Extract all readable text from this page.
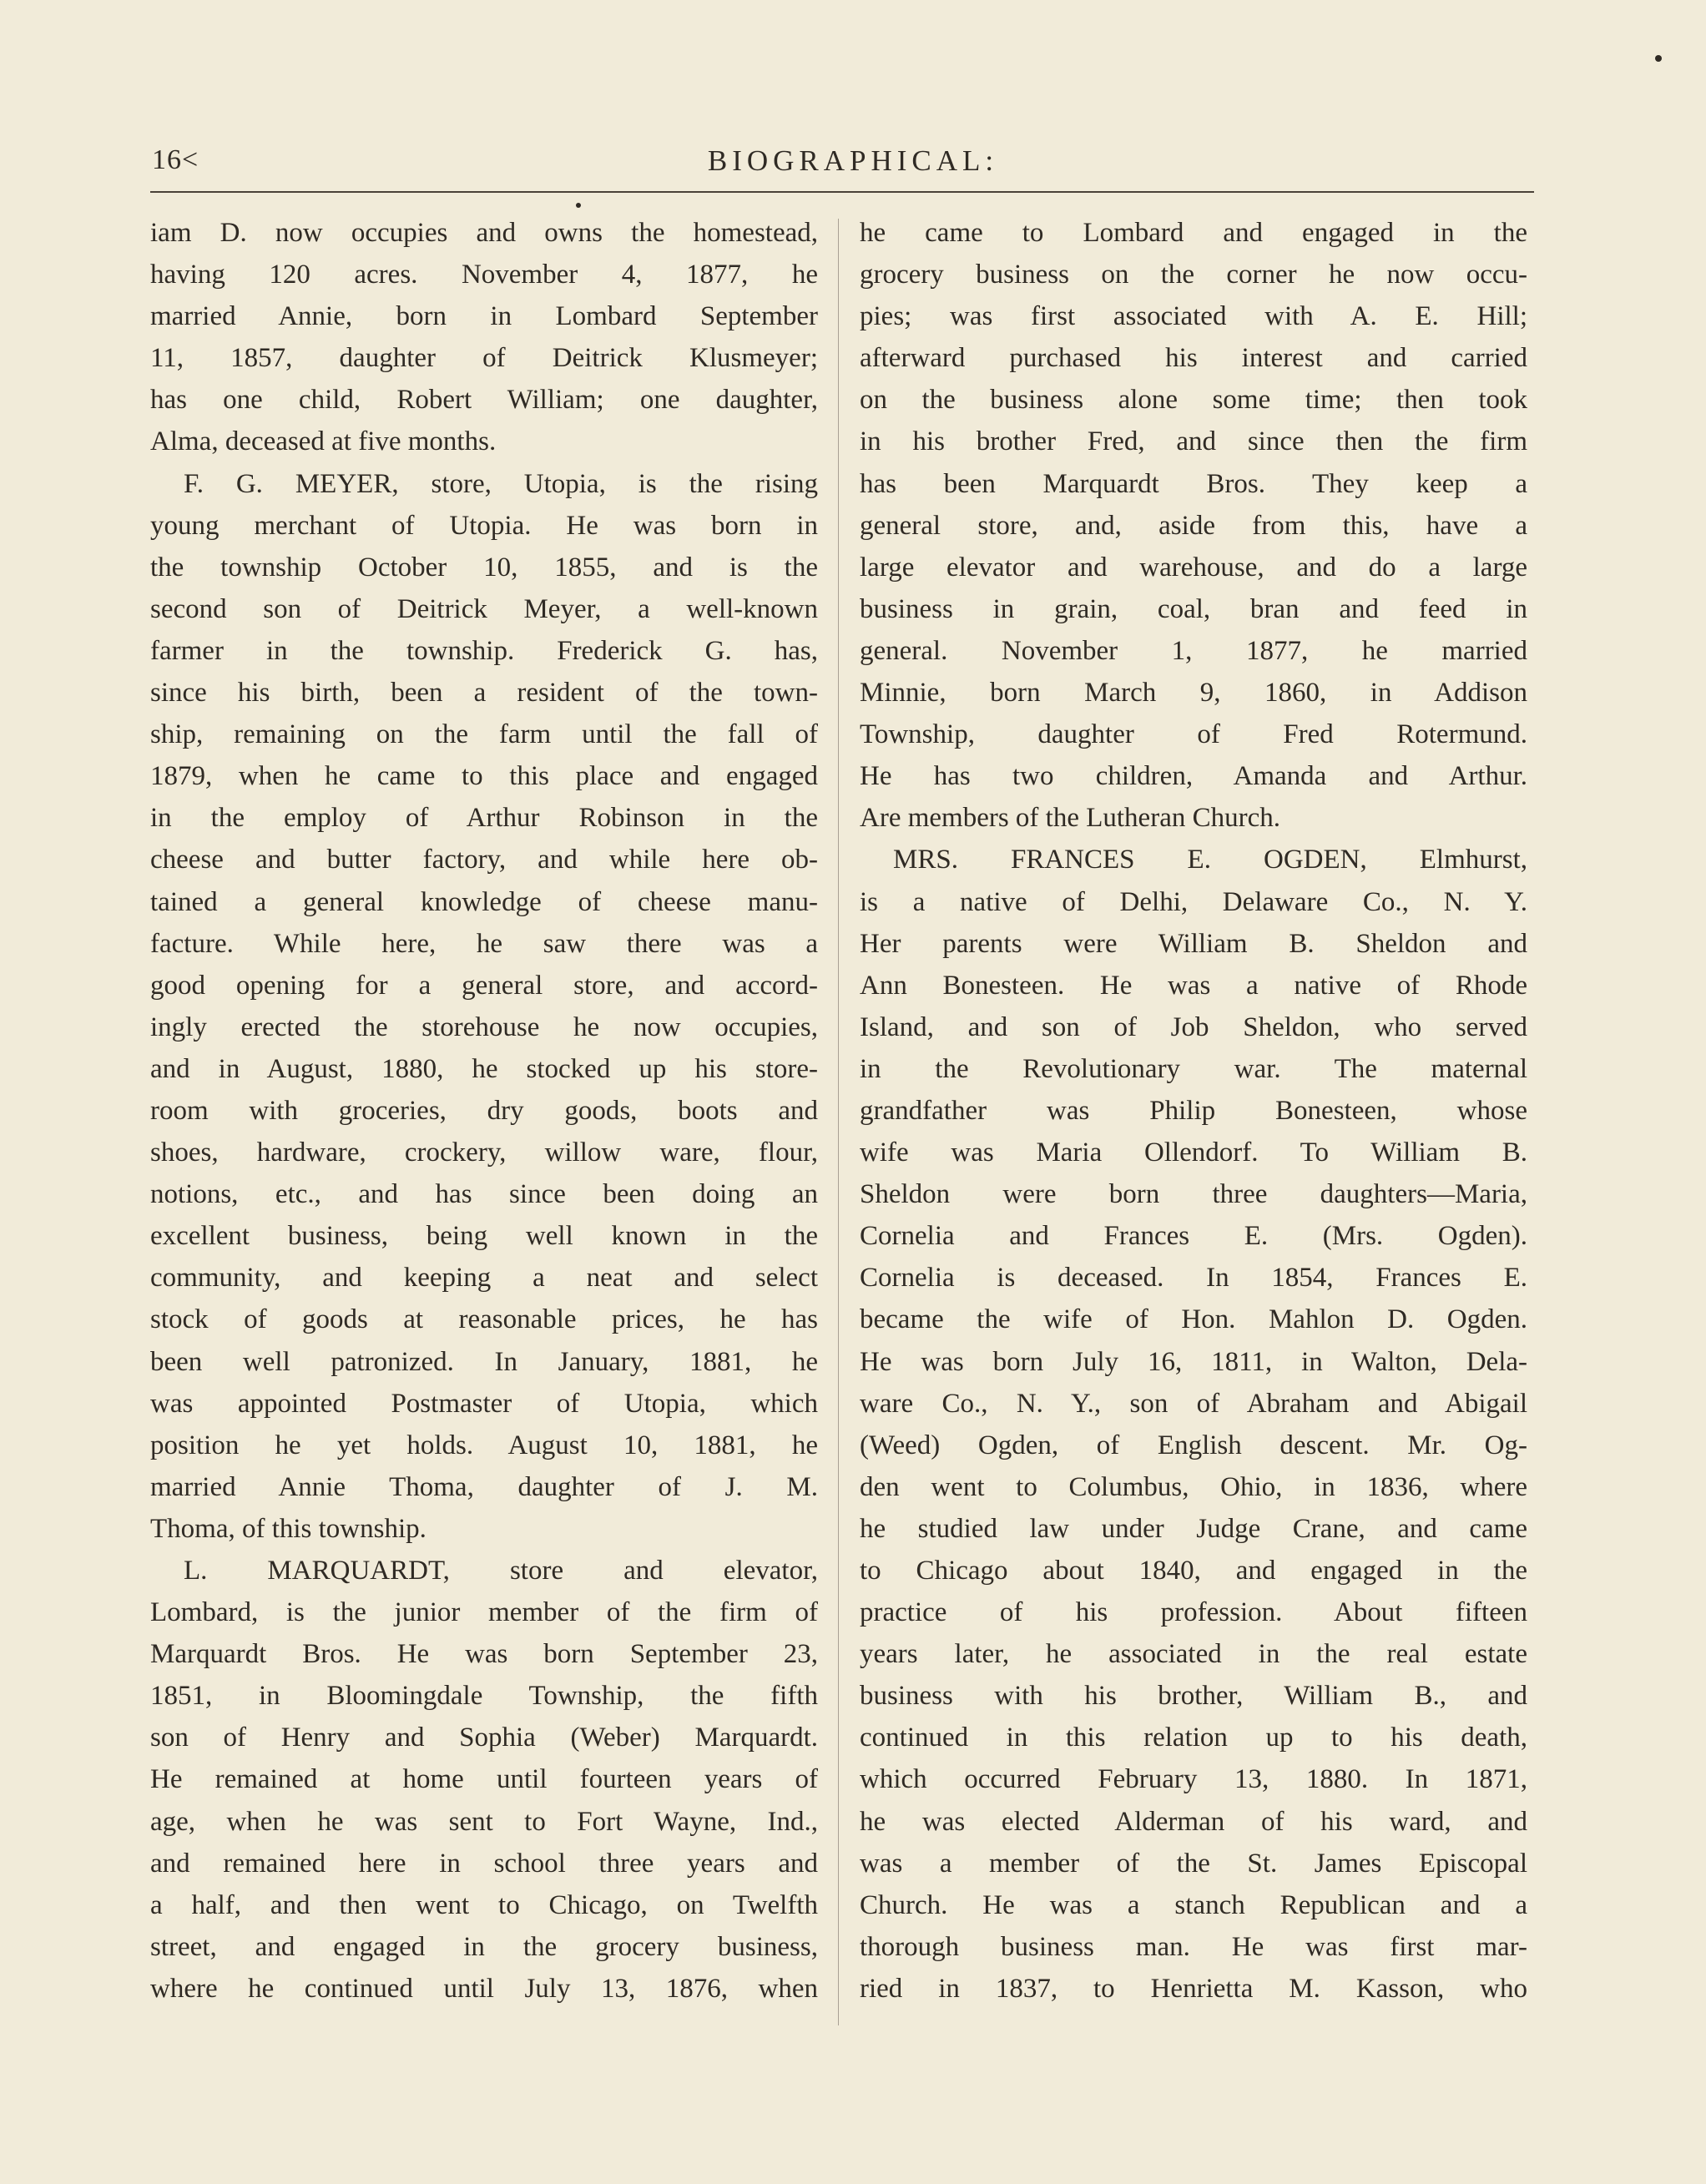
16˂	BIOGRAPHICAL:
iam D. now occupies and owns the homestead,
having 120 acres. November 4, 1877, he
married Annie, born in Lombard September
11, 1857, daughter of Deitrick Klusmeyer;
has one child, Robert William; one daughter,
Alma, deceased at five months.
F. G. MEYER, store, Utopia, is the rising
young merchant of Utopia. He was born in
the township October 10, 1855, and is the
second son of Deitrick Meyer, a well-known
farmer in the township. Frederick G. has,
since his birth, been a resident of the town-
ship, remaining on the farm until the fall of
1879, when he came to this place and engaged
in the employ of Arthur Robinson in the
cheese and butter factory, and while here ob-
tained a general knowledge of cheese manu-
facture. While here, he saw there was a
good opening for a general store, and accord-
ingly erected the storehouse he now occupies,
and in August, 1880, he stocked up his store-
room with groceries, dry goods, boots and
shoes, hardware, crockery, willow ware, flour,
notions, etc., and has since been doing an
excellent business, being well known in the
community, and keeping a neat and select
stock of goods at reasonable prices, he has
been well patronized. In January, 1881, he
was appointed Postmaster of Utopia, which
position he yet holds. August 10, 1881, he
married Annie Thoma, daughter of J. M.
Thoma, of this township.
L. MARQUARDT, store and elevator,
Lombard, is the junior member of the firm of
Marquardt Bros. He was born September 23,
1851, in Bloomingdale Township, the fifth
son of Henry and Sophia (Weber) Marquardt.
He remained at home until fourteen years of
age, when he was sent to Fort Wayne, Ind.,
and remained here in school three years and
a half, and then went to Chicago, on Twelfth
street, and engaged in the grocery business,
where he continued until July 13, 1876, when
he came to Lombard and engaged in the
grocery business on the corner he now occu-
pies; was first associated with A. E. Hill;
afterward purchased his interest and carried
on the business alone some time; then took
in his brother Fred, and since then the firm
has been Marquardt Bros. They keep a
general store, and, aside from this, have a
large elevator and warehouse, and do a large
business in grain, coal, bran and feed in
general. November 1, 1877, he married
Minnie, born March 9, 1860, in Addison
Township, daughter of Fred Rotermund.
He has two children, Amanda and Arthur.
Are members of the Lutheran Church.
MRS. FRANCES E. OGDEN, Elmhurst,
is a native of Delhi, Delaware Co., N. Y.
Her parents were William B. Sheldon and
Ann Bonesteen. He was a native of Rhode
Island, and son of Job Sheldon, who served
in the Revolutionary war. The maternal
grandfather was Philip Bonesteen, whose
wife was Maria Ollendorf. To William B.
Sheldon were born three daughters—Maria,
Cornelia and Frances E. (Mrs. Ogden).
Cornelia is deceased. In 1854, Frances E.
became the wife of Hon. Mahlon D. Ogden.
He was born July 16, 1811, in Walton, Dela-
ware Co., N. Y., son of Abraham and Abigail
(Weed) Ogden, of English descent. Mr. Og-
den went to Columbus, Ohio, in 1836, where
he studied law under Judge Crane, and came
to Chicago about 1840, and engaged in the
practice of his profession. About fifteen
years later, he associated in the real estate
business with his brother, William B., and
continued in this relation up to his death,
which occurred February 13, 1880. In 1871,
he was elected Alderman of his ward, and
was a member of the St. James Episcopal
Church. He was a stanch Republican and a
thorough business man. He was first mar-
ried in 1837, to Henrietta M. Kasson, who
